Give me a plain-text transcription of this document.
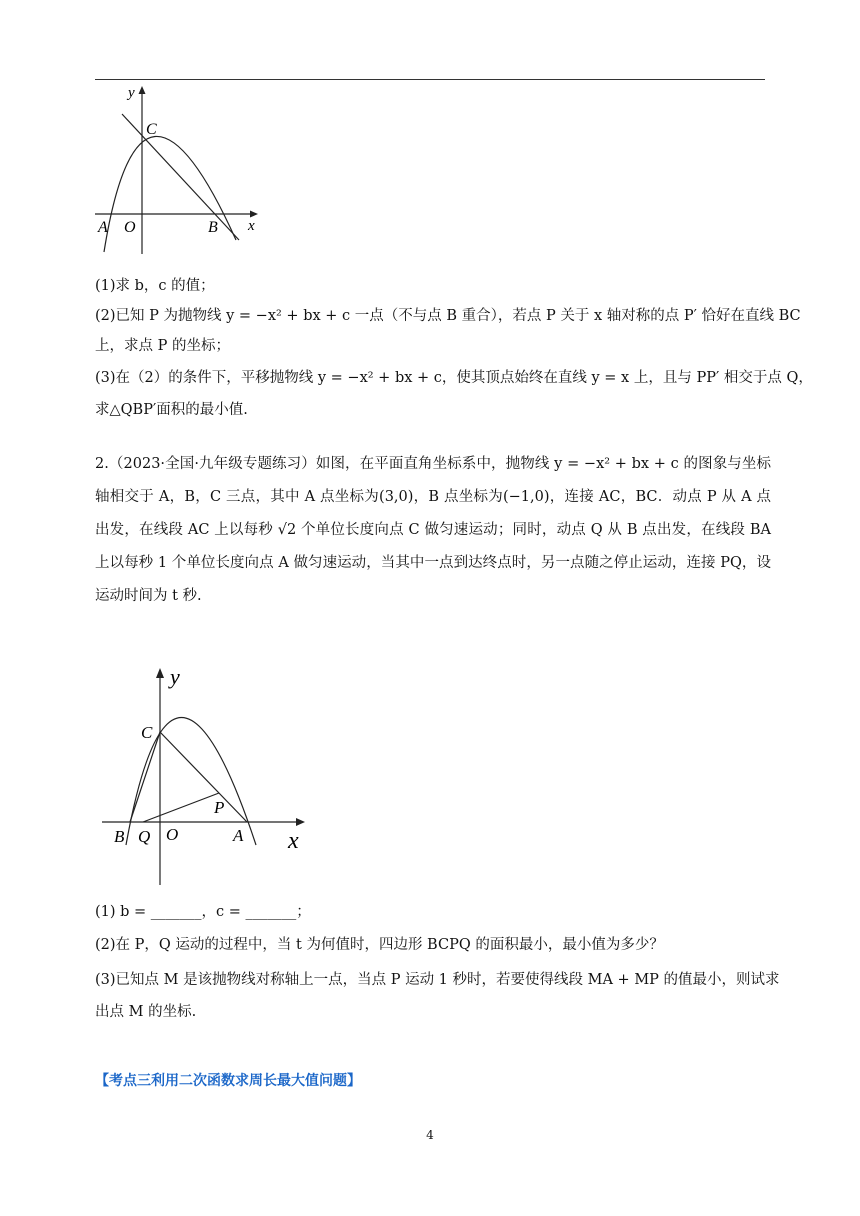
y
C
A O	B x
(1)求 b，c 的值；
(2)已知 P 为抛物线 y = −x² + bx + c 一点（不与点 B 重合），若点 P 关于 x 轴对称的点 P′ 恰好在直线 BC
上，求点 P 的坐标；
(3)在（2）的条件下，平移抛物线 y = −x² + bx + c，使其顶点始终在直线 y = x 上，且与 PP′ 相交于点 Q，
求△QBP′面积的最小值.
2.（2023·全国·九年级专题练习）如图，在平面直角坐标系中，抛物线 y = −x² + bx + c 的图象与坐标轴相交于 A，B，C 三点，其中 A 点坐标为(3,0)，B 点坐标为(−1,0)，连接 AC，BC．动点 P 从 A 点出发，在线段 AC 上以每秒 √2 个单位长度向点 C 做匀速运动；同时，动点 Q 从 B 点出发，在线段 BA 上以每秒 1 个单位长度向点 A 做匀速运动，当其中一点到达终点时，另一点随之停止运动，连接 PQ，设运动时间为 t 秒.
y
C
P
B Q O	A x
(1) b = _______，c = _______；
(2)在 P，Q 运动的过程中，当 t 为何值时，四边形 BCPQ 的面积最小，最小值为多少？
(3)已知点 M 是该抛物线对称轴上一点，当点 P 运动 1 秒时，若要使得线段 MA + MP 的值最小，则试求
出点 M 的坐标.
【考点三利用二次函数求周长最大值问题】
4
